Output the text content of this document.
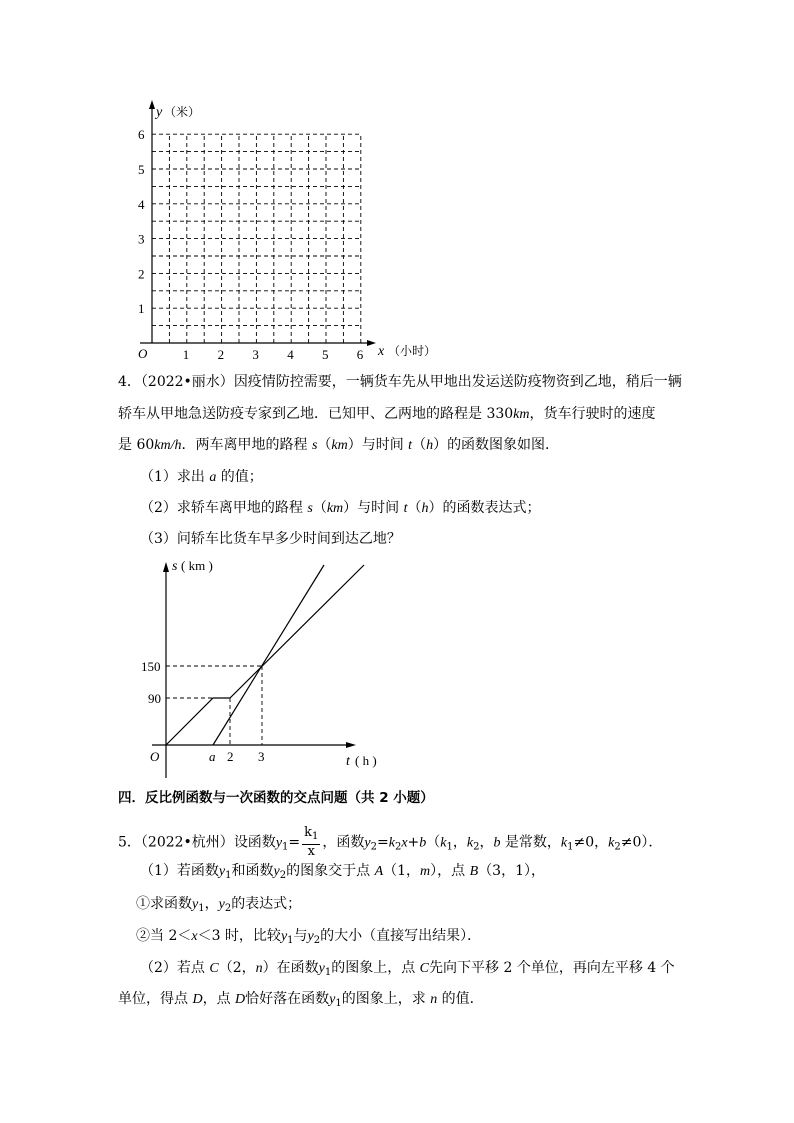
y （米）
x （小时）
O	1 2 3 4 5 6
1
2
3
4
5
6
4．（2022•丽水）因疫情防控需要，一辆货车先从甲地出发运送防疫物资到乙地，稍后一辆
轿车从甲地急送防疫专家到乙地．已知甲、乙两地的路程是 330km，货车行驶时的速度
是 60km/h．两车离甲地的路程 s（km）与时间 t（h）的函数图象如图．
（1）求出 a 的值；
（2）求轿车离甲地的路程 s（km）与时间 t（h）的函数表达式；
（3）问轿车比货车早多少时间到达乙地？
s ( km )
t ( h )
O
150
90
a 2 3
四．反比例函数与一次函数的交点问题（共 2 小题）
5．（2022•杭州）设函数$y_1= \frac{k_1}{x}$ ，函数$y_2=k_2x+b(k_1$，$k_2$，b 是常数，$k_1\ne 0$，$k_2\ne 0$）．
（1）若函数$y_1$和函数$y_2$的图象交于点 A（1，m），点 B（3，1），
①求函数$y_1$，$y_2$的表达式；
②当 2＜x＜3 时，比较$y_1$与$y_2$的大小（直接写出结果）．
（2）若点 C（2，n）在函数$y_1$的图象上，点 C先向下平移 2 个单位，再向左平移 4 个
单位，得点 D，点 D恰好落在函数$y_1$的图象上，求 n 的值．
